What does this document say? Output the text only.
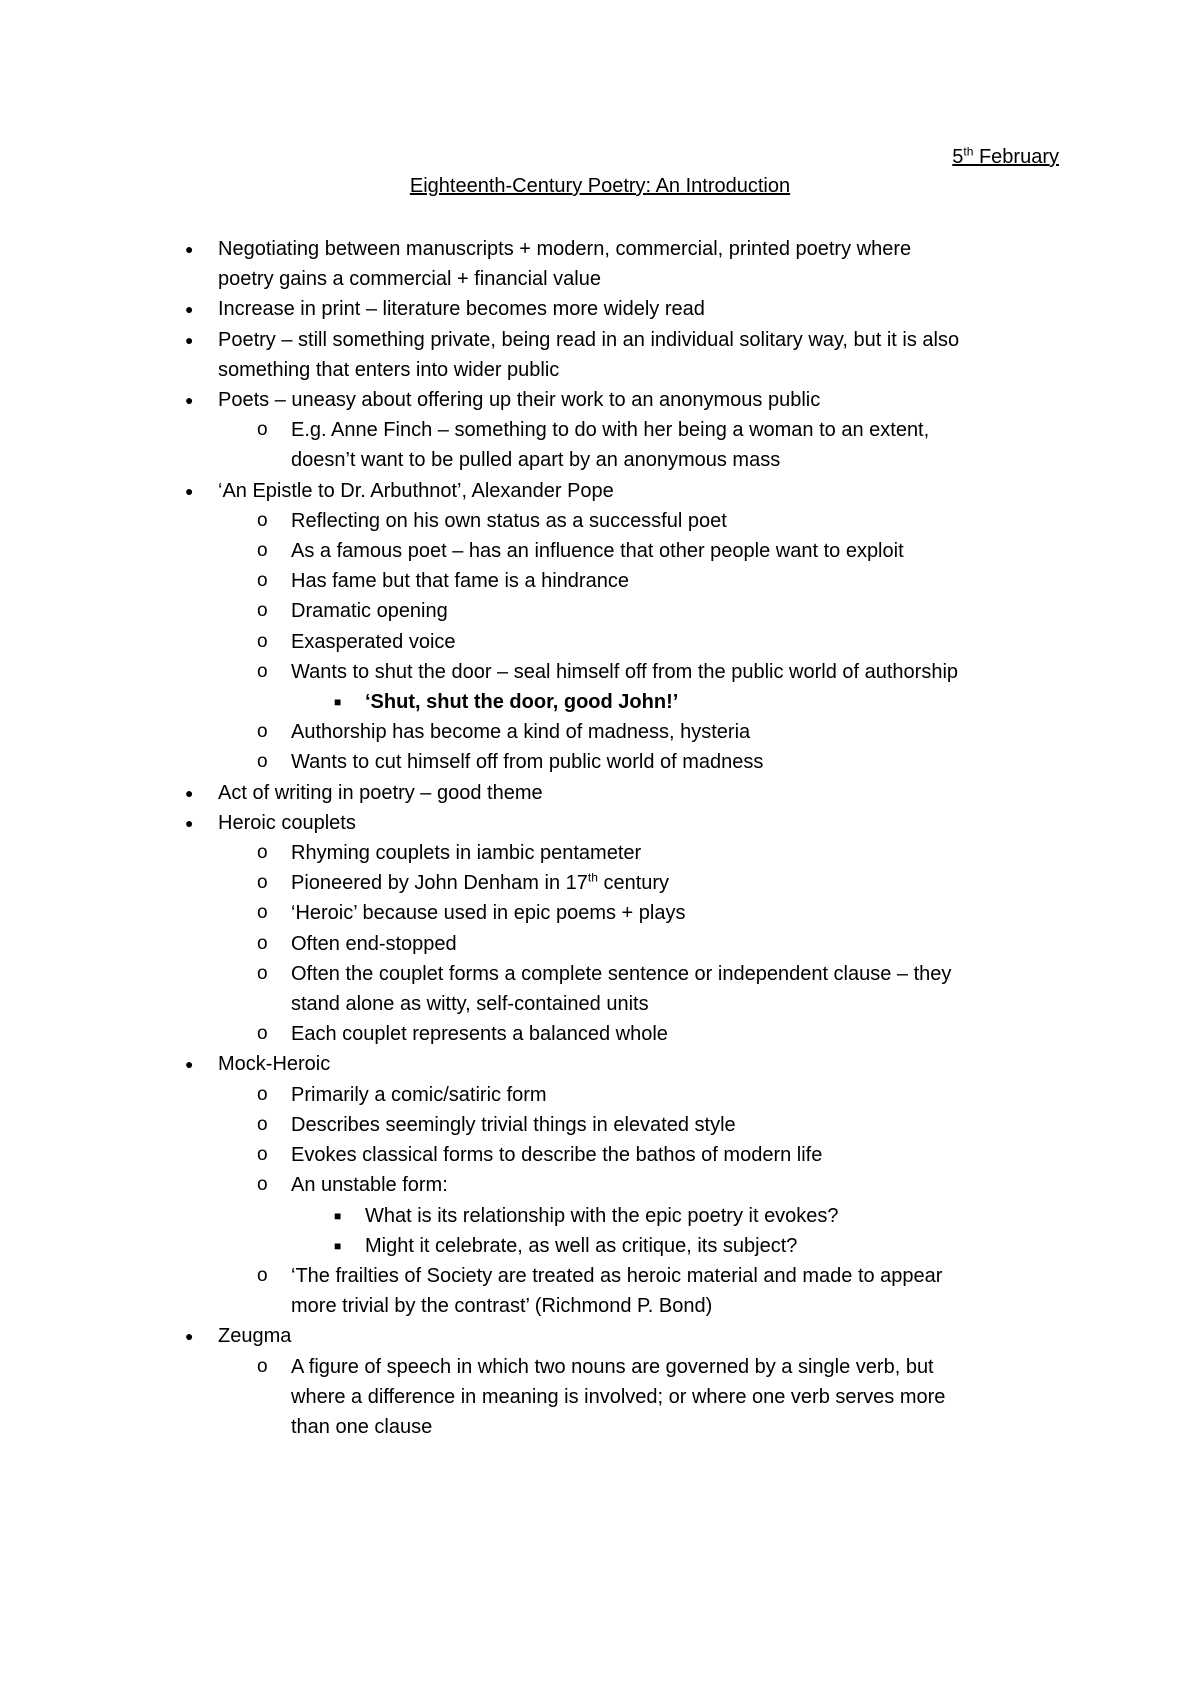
5th February
Eighteenth-Century Poetry: An Introduction
● Negotiating between manuscripts + modern, commercial, printed poetry where
poetry gains a commercial + financial value
● Increase in print – literature becomes more widely read
● Poetry – still something private, being read in an individual solitary way, but it is also
something that enters into wider public
● Poets – uneasy about offering up their work to an anonymous public
o E.g. Anne Finch – something to do with her being a woman to an extent,
doesn’t want to be pulled apart by an anonymous mass
● ‘An Epistle to Dr. Arbuthnot’, Alexander Pope
o Reflecting on his own status as a successful poet
o As a famous poet – has an influence that other people want to exploit
o Has fame but that fame is a hindrance
o Dramatic opening
o Exasperated voice
o Wants to shut the door – seal himself off from the public world of authorship
■ ‘Shut, shut the door, good John!’
o Authorship has become a kind of madness, hysteria
o Wants to cut himself off from public world of madness
● Act of writing in poetry – good theme
● Heroic couplets
o Rhyming couplets in iambic pentameter
o Pioneered by John Denham in 17th century
o ‘Heroic’ because used in epic poems + plays
o Often end-stopped
o Often the couplet forms a complete sentence or independent clause – they
stand alone as witty, self-contained units
o Each couplet represents a balanced whole
● Mock-Heroic
o Primarily a comic/satiric form
o Describes seemingly trivial things in elevated style
o Evokes classical forms to describe the bathos of modern life
o An unstable form:
■ What is its relationship with the epic poetry it evokes?
■ Might it celebrate, as well as critique, its subject?
o ‘The frailties of Society are treated as heroic material and made to appear
more trivial by the contrast’ (Richmond P. Bond)
● Zeugma
o A figure of speech in which two nouns are governed by a single verb, but
where a difference in meaning is involved; or where one verb serves more
than one clause
